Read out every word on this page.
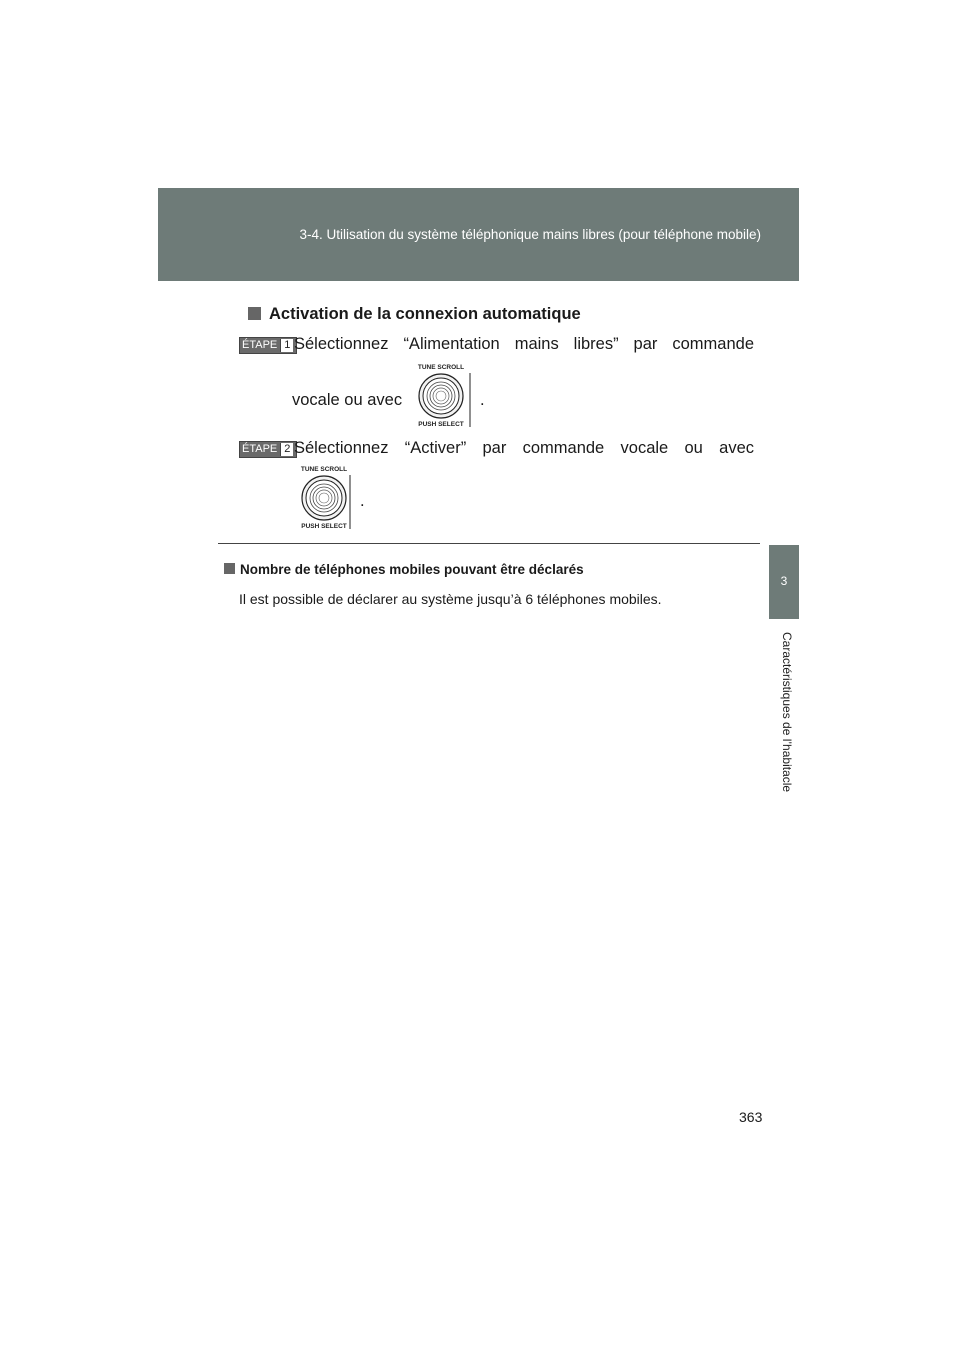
3-4. Utilisation du système téléphonique mains libres (pour téléphone mobile)
3
Caractéristiques de l’habitacle
Activation de la connexion automatique
ÉTAPE 1 Sélectionnez “Alimentation mains libres” par commande
vocale ou avec
TUNE SCROLL
PUSH SELECT
.
ÉTAPE 2 Sélectionnez “Activer” par commande vocale ou avec
TUNE SCROLL
PUSH SELECT
.
Nombre de téléphones mobiles pouvant être déclarés
Il est possible de déclarer au système jusqu’à 6 téléphones mobiles.
363
